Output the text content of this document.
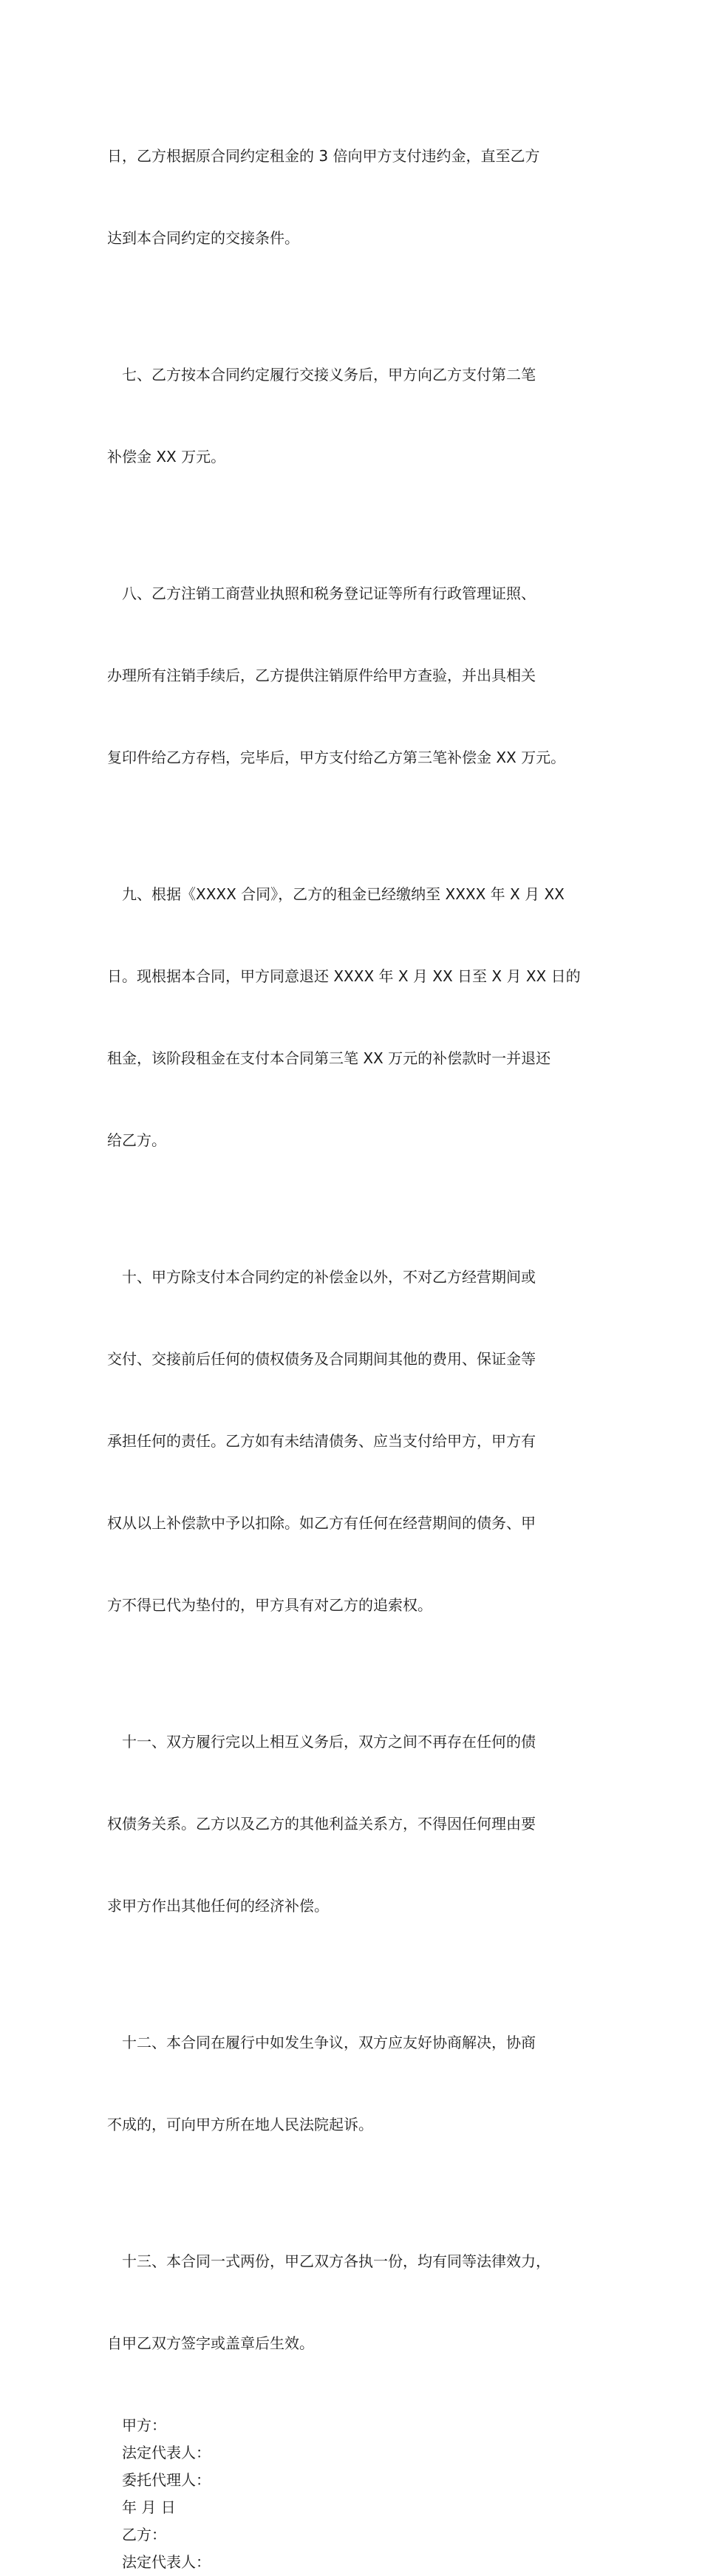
日，乙方根据原合同约定租金的 3 倍向甲方支付违约金，直至乙方

达到本合同约定的交接条件。

　七、乙方按本合同约定履行交接义务后，甲方向乙方支付第二笔

补偿金 XX 万元。

　八、乙方注销工商营业执照和税务登记证等所有行政管理证照、

办理所有注销手续后，乙方提供注销原件给甲方查验，并出具相关

复印件给乙方存档，完毕后，甲方支付给乙方第三笔补偿金 XX 万元。

　九、根据《XXXX 合同》，乙方的租金已经缴纳至 XXXX 年 X 月 XX

日。现根据本合同，甲方同意退还 XXXX 年 X 月 XX 日至 X 月 XX 日的

租金，该阶段租金在支付本合同第三笔 XX 万元的补偿款时一并退还

给乙方。

　十、甲方除支付本合同约定的补偿金以外，不对乙方经营期间或

交付、交接前后任何的债权债务及合同期间其他的费用、保证金等

承担任何的责任。乙方如有未结清债务、应当支付给甲方，甲方有

权从以上补偿款中予以扣除。如乙方有任何在经营期间的债务、甲

方不得已代为垫付的，甲方具有对乙方的追索权。

　十一、双方履行完以上相互义务后，双方之间不再存在任何的债

权债务关系。乙方以及乙方的其他利益关系方，不得因任何理由要

求甲方作出其他任何的经济补偿。

　十二、本合同在履行中如发生争议，双方应友好协商解决，协商

不成的，可向甲方所在地人民法院起诉。

　十三、本合同一式两份，甲乙双方各执一份，均有同等法律效力，

自甲乙双方签字或盖章后生效。

甲方：

法定代表人：

委托代理人：

年 月 日

乙方：

法定代表人：
